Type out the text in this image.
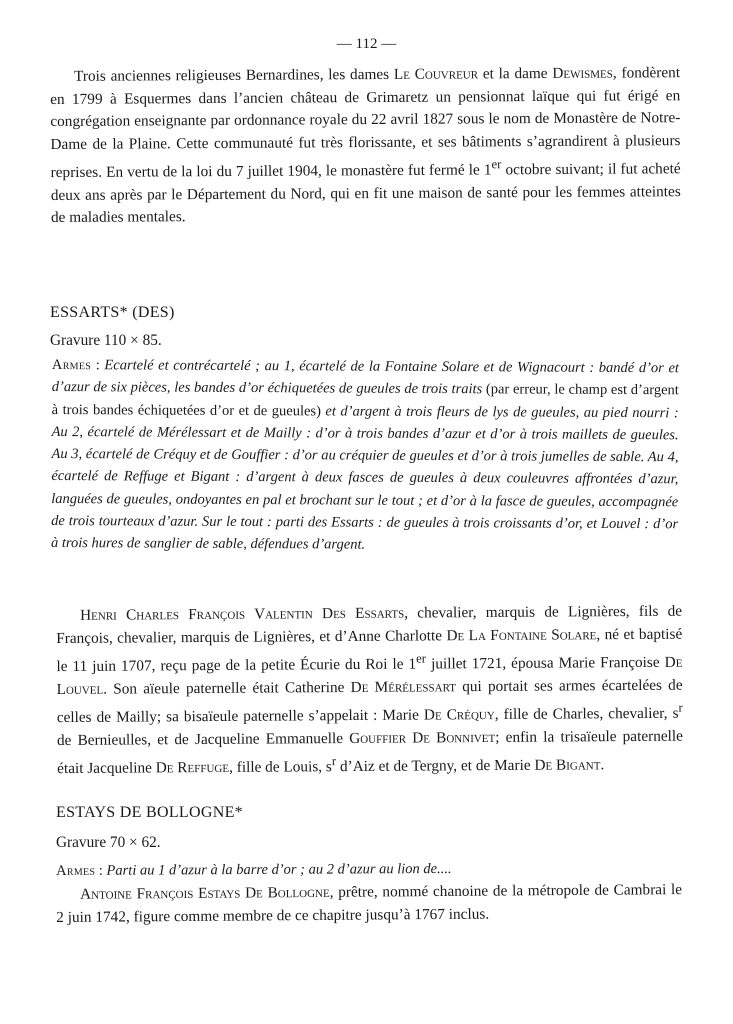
— 112 —

Trois anciennes religieuses Bernardines, les dames Le Couvreur et la dame Dewismes, fondèrent en 1799 à Esquermes dans l’ancien château de Grimaretz un pensionnat laïque qui fut érigé en congrégation enseignante par ordonnance royale du 22 avril 1827 sous le nom de Monastère de Notre-Dame de la Plaine. Cette communauté fut très florissante, et ses bâtiments s’agrandirent à plusieurs reprises. En vertu de la loi du 7 juillet 1904, le monastère fut fermé le 1er octobre suivant; il fut acheté deux ans après par le Département du Nord, qui en fit une maison de santé pour les femmes atteintes de maladies mentales.

ESSARTS* (DES)
Gravure 110 × 85.

Armes : Ecartelé et contrécartelé ; au 1, écartelé de la Fontaine Solare et de Wignacourt : bandé d’or et d’azur de six pièces, les bandes d’or échiquetées de gueules de trois traits (par erreur, le champ est d’argent à trois bandes échiquetées d’or et de gueules) et d’argent à trois fleurs de lys de gueules, au pied nourri : Au 2, écartelé de Mérélessart et de Mailly : d’or à trois bandes d’azur et d’or à trois maillets de gueules. Au 3, écartelé de Créquy et de Gouffier : d’or au créquier de gueules et d’or à trois jumelles de sable. Au 4, écartelé de Reffuge et Bigant : d’argent à deux fasces de gueules à deux couleuvres affrontées d’azur, languées de gueules, ondoyantes en pal et brochant sur le tout ; et d’or à la fasce de gueules, accompagnée de trois tourteaux d’azur. Sur le tout : parti des Essarts : de gueules à trois croissants d’or, et Louvel : d’or à trois hures de sanglier de sable, défendues d’argent.

Henri Charles François Valentin Des Essarts, chevalier, marquis de Lignières, fils de François, chevalier, marquis de Lignières, et d’Anne Charlotte De La Fontaine Solare, né et baptisé le 11 juin 1707, reçu page de la petite Écurie du Roi le 1er juillet 1721, épousa Marie Françoise De Louvel. Son aïeule paternelle était Catherine De Mérélessart qui portait ses armes écartelées de celles de Mailly; sa bisaïeule paternelle s’appelait : Marie De Créquy, fille de Charles, chevalier, $s^r$ de Bernieulles, et de Jacqueline Emmanuelle Gouffier De Bonnivet; enfin la trisaïeule paternelle était Jacqueline De Reffuge, fille de Louis, $s^r$ d’Aiz et de Tergny, et de Marie De Bigant.

ESTAYS DE BOLLOGNE*
Gravure 70 × 62.

Armes : Parti au 1 d’azur à la barre d’or ; au 2 d’azur au lion de....

Antoine François Estays De Bollogne, prêtre, nommé chanoine de la métropole de Cambrai le 2 juin 1742, figure comme membre de ce chapitre jusqu’à 1767 inclus.
